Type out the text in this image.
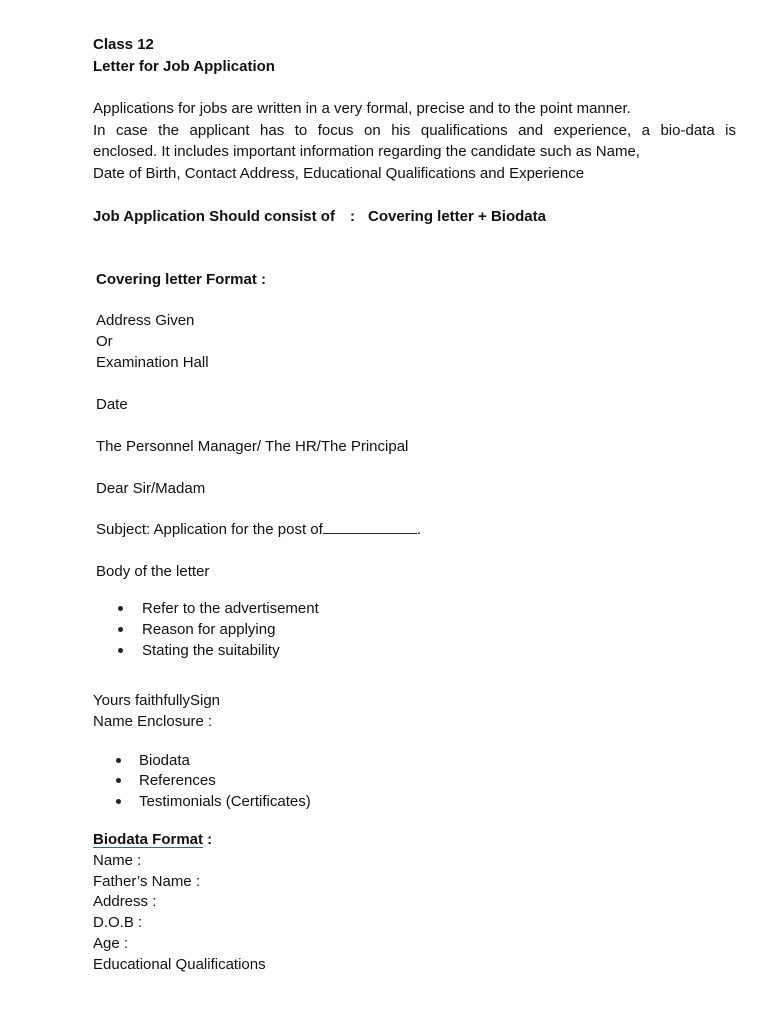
Class 12
Letter for Job Application
Applications for jobs are written in a very formal, precise and to the point manner.
In case the applicant has to focus on his qualifications and experience, a bio-data is
enclosed. It includes important information regarding the candidate such as Name,
Date of Birth, Contact Address, Educational Qualifications and Experience
Job Application Should consist of : Covering letter + Biodata
Covering letter Format :
Address Given
Or
Examination Hall
Date
The Personnel Manager/ The HR/The Principal
Dear Sir/Madam
Subject: Application for the post of	.
Body of the letter
Refer to the advertisement
Reason for applying
Stating the suitability
Yours faithfullySign
Name Enclosure :
Biodata
References
Testimonials (Certificates)
Biodata Format :
Name :
Father’s Name :
Address :
D.O.B :
Age :
Educational Qualifications
